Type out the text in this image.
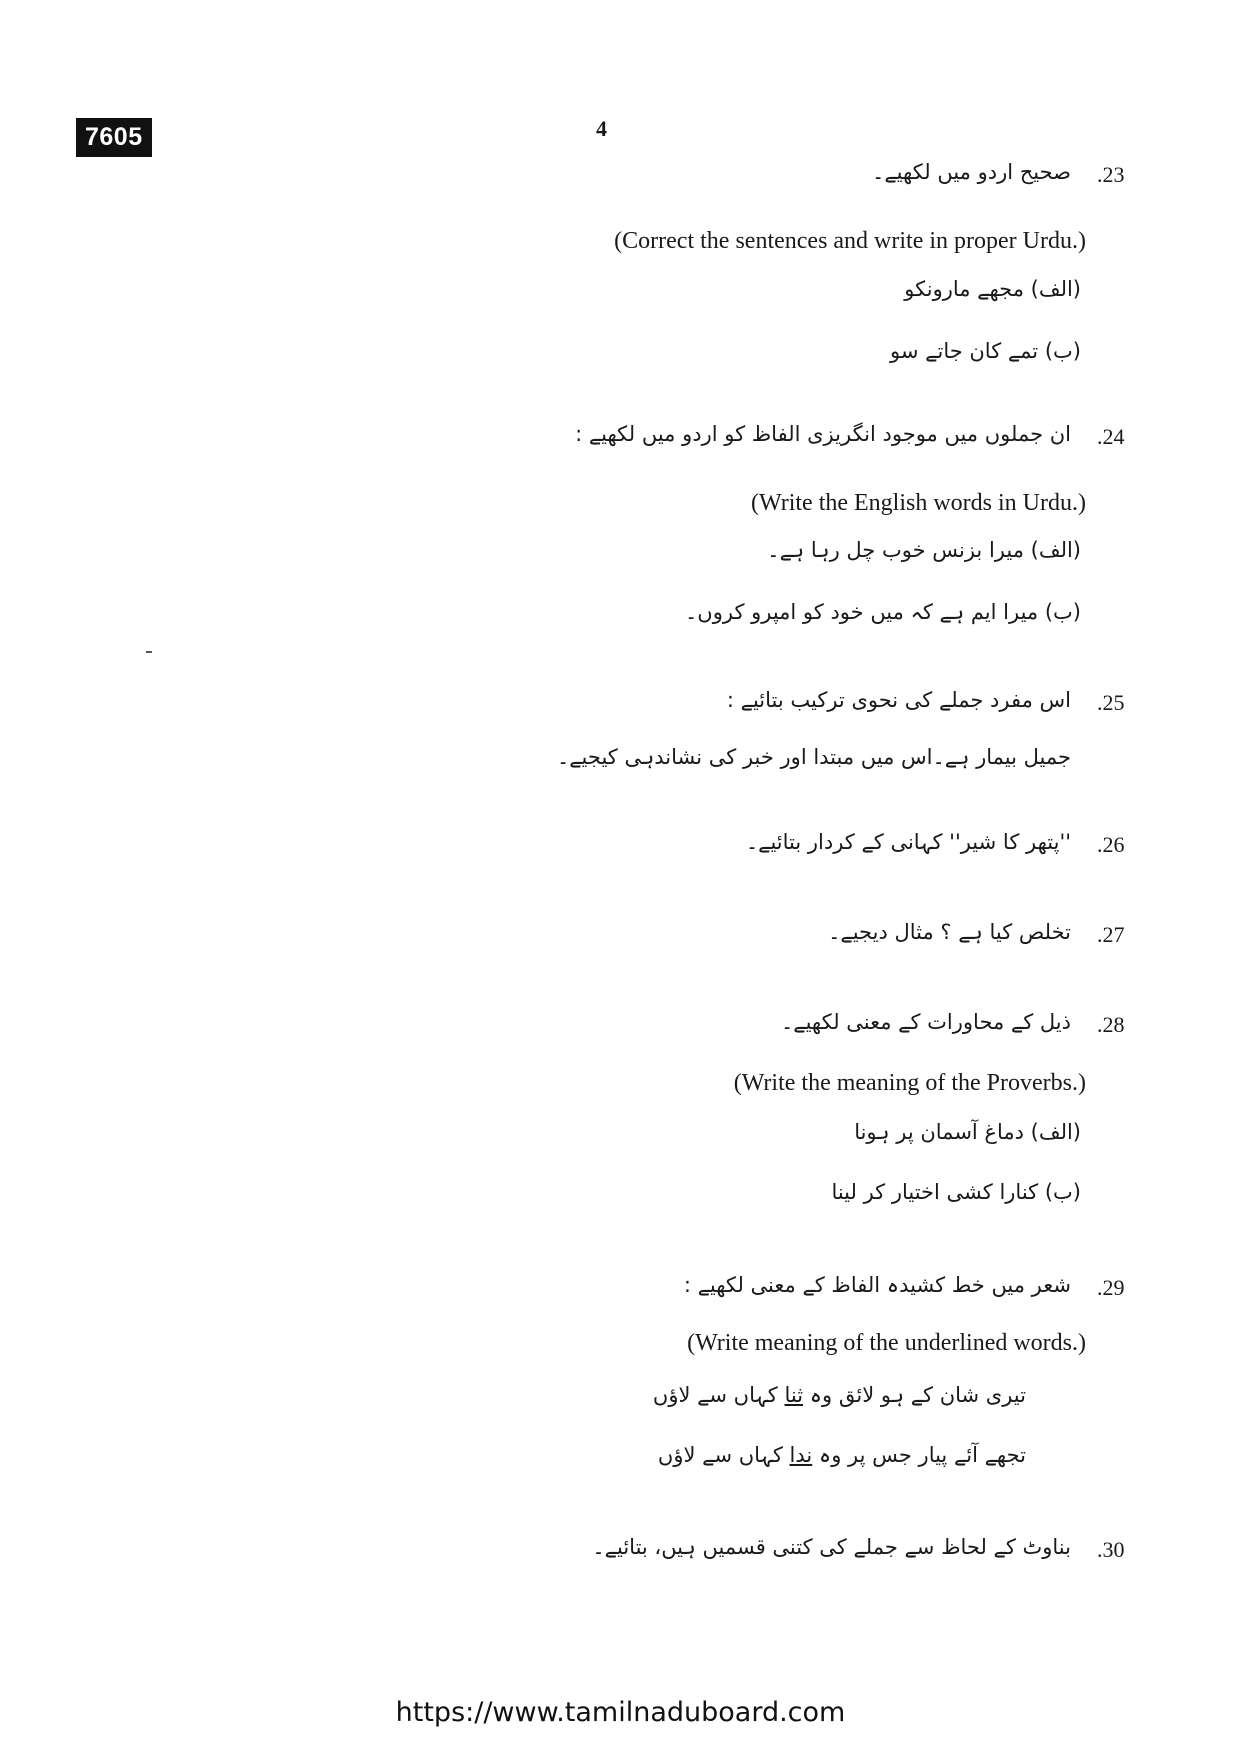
7605	4
.23
صحیح اردو میں لکھیے۔
(Correct the sentences and write in proper Urdu.)
(الف) مجھے مارونکو
(ب) تمے کان جاتے سو
.24
ان جملوں میں موجود انگریزی الفاظ کو اردو میں لکھیے :
(Write the English words in Urdu.)
(الف) میرا بزنس خوب چل رہا ہے۔
(ب) میرا ایم ہے کہ میں خود کو امپرو کروں۔
.25
اس مفرد جملے کی نحوی ترکیب بتائیے :
جمیل بیمار ہے۔اس میں مبتدا اور خبر کی نشاندہی کیجیے۔
.26
''پتھر کا شیر'' کہانی کے کردار بتائیے۔
.27
تخلص کیا ہے ؟ مثال دیجیے۔
.28
ذیل کے محاورات کے معنی لکھیے۔
(Write the meaning of the Proverbs.)
(الف) دماغ آسمان پر ہونا
(ب) کنارا کشی اختیار کر لینا
.29
شعر میں خط کشیدہ الفاظ کے معنی لکھیے :
(Write meaning of the underlined words.)
تیری شان کے ہو لائق وہ ثنا کہاں سے لاؤں
تجھے آئے پیار جس پر وہ ندا کہاں سے لاؤں
.30
بناوٹ کے لحاظ سے جملے کی کتنی قسمیں ہیں، بتائیے۔
https://www.tamilnaduboard.com
